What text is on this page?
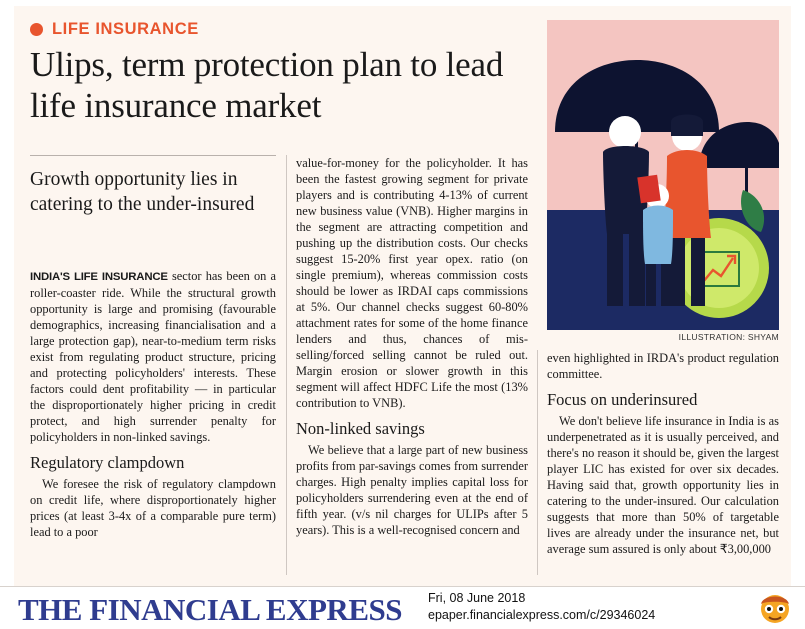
LIFE INSURANCE
Ulips, term protection plan to lead life insurance market
Growth opportunity lies in catering to the under-insured

INDIA'S LIFE INSURANCE sector has been on a roller-coaster ride. While the structural growth opportunity is large and promising (favourable demographics, increasing financialisation and a large protection gap), near-to-medium term risks exist from regulating product structure, pricing and protecting policyholders' interests. These factors could dent profitability — in particular the disproportionately higher pricing in credit protect, and high surrender penalty for policyholders in non-linked savings.

Regulatory clampdown

We foresee the risk of regulatory clampdown on credit life, where disproportionately higher prices (at least 3-4x of a comparable pure term) lead to a poor

value-for-money for the policyholder. It has been the fastest growing segment for private players and is contributing 4-13% of current new business value (VNB). Higher margins in the segment are attracting competition and pushing up the distribution costs. Our checks suggest 15-20% first year opex. ratio (on single premium), whereas commission costs should be lower as IRDAI caps commissions at 5%. Our channel checks suggest 60-80% attachment rates for some of the home finance lenders and thus, chances of mis-selling/forced selling cannot be ruled out. Margin erosion or slower growth in this segment will affect HDFC Life the most (13% contribution to VNB).

Non-linked savings

We believe that a large part of new business profits from par-savings comes from surrender charges. High penalty implies capital loss for policyholders surrendering even at the end of fifth year. (v/s nil charges for ULIPs after 5 years). This is a well-recognised concern and

even highlighted in IRDA's product regulation committee.

Focus on underinsured

We don't believe life insurance in India is as underpenetrated as it is usually perceived, and there's no reason it should be, given the largest player LIC has existed for over six decades. Having said that, growth opportunity lies in catering to the under-insured. Our calculation suggests that more than 50% of targetable lives are already under the insurance net, but average sum assured is only about ₹3,00,000

ILLUSTRATION: SHYAM
THE FINANCIAL EXPRESS Fri, 08 June 2018
epaper.financialexpress.com/c/29346024
